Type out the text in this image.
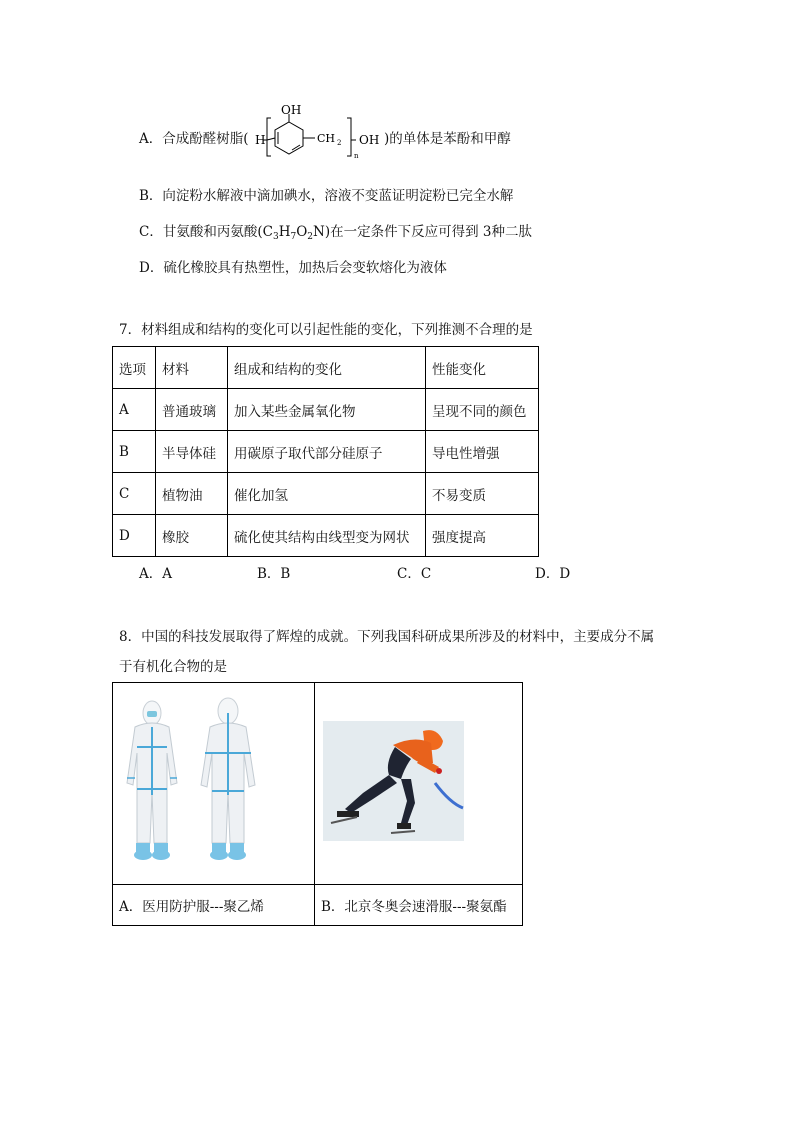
A．合成酚醛树脂( H
OH
CH 2
n
OH )的单体是苯酚和甲醇
B．向淀粉水解液中滴加碘水，溶液不变蓝证明淀粉已完全水解
C．甘氨酸和丙氨酸$(C_3H_7O_2N)$在一定条件下反应可得到 3种二肽
D．硫化橡胶具有热塑性，加热后会变软熔化为液体
7．材料组成和结构的变化可以引起性能的变化，下列推测不合理的是
选项	材料	组成和结构的变化	性能变化
A	普通玻璃	加入某些金属氧化物	呈现不同的颜色
B	半导体硅	用碳原子取代部分硅原子	导电性增强
C	植物油	催化加氢	不易变质
D	橡胶	硫化使其结构由线型变为网状	强度提高
A．A	B．B	C．C	D．D
8．中国的科技发展取得了辉煌的成就。下列我国科研成果所涉及的材料中，主要成分不属
于有机化合物的是

A．医用防护服---聚乙烯	B．北京冬奥会速滑服---聚氨酯
